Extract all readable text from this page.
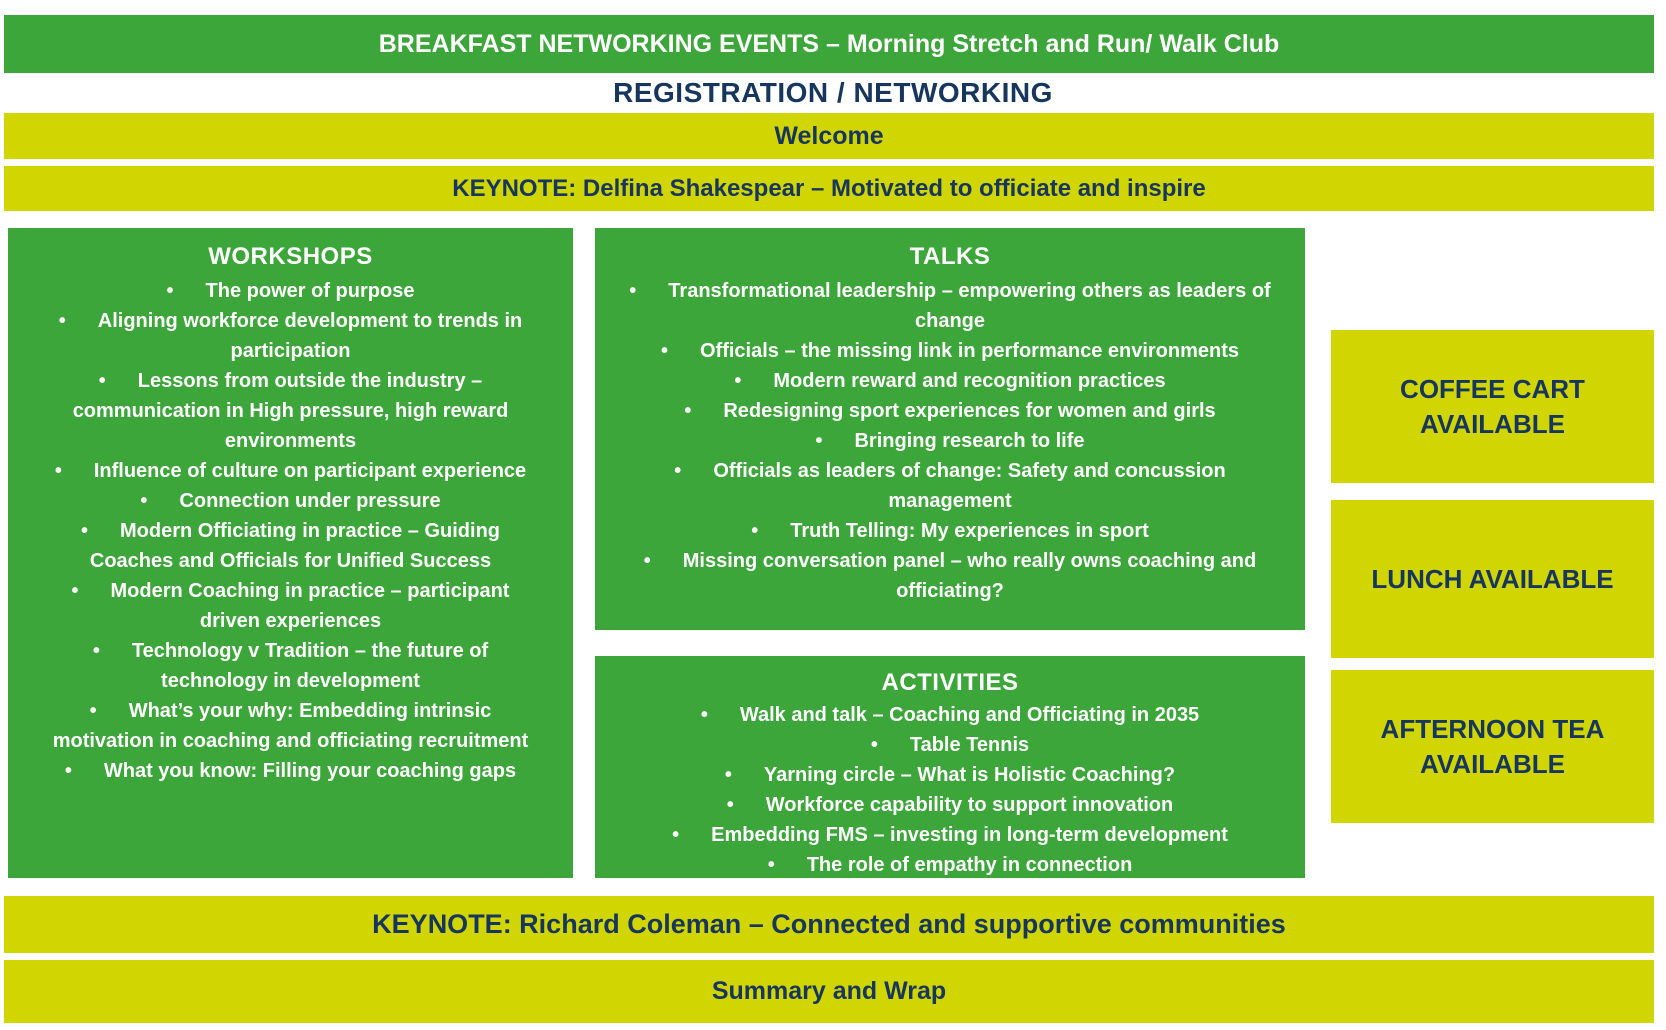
BREAKFAST NETWORKING EVENTS – Morning Stretch and Run/ Walk Club
REGISTRATION / NETWORKING
Welcome
KEYNOTE: Delfina Shakespear – Motivated to officiate and inspire
WORKSHOPS
• The power of purpose
• Aligning workforce development to trends in participation
• Lessons from outside the industry – communication in High pressure, high reward environments
• Influence of culture on participant experience
• Connection under pressure
• Modern Officiating in practice – Guiding Coaches and Officials for Unified Success
• Modern Coaching in practice – participant driven experiences
• Technology v Tradition – the future of technology in development
• What’s your why: Embedding intrinsic motivation in coaching and officiating recruitment
• What you know: Filling your coaching gaps
TALKS
• Transformational leadership – empowering others as leaders of change
• Officials – the missing link in performance environments
• Modern reward and recognition practices
• Redesigning sport experiences for women and girls
• Bringing research to life
• Officials as leaders of change: Safety and concussion management
• Truth Telling: My experiences in sport
• Missing conversation panel – who really owns coaching and officiating?
ACTIVITIES
• Walk and talk – Coaching and Officiating in 2035
• Table Tennis
• Yarning circle – What is Holistic Coaching?
• Workforce capability to support innovation
• Embedding FMS – investing in long-term development
• The role of empathy in connection
COFFEE CART AVAILABLE
LUNCH AVAILABLE
AFTERNOON TEA AVAILABLE
KEYNOTE: Richard Coleman – Connected and supportive communities
Summary and Wrap
